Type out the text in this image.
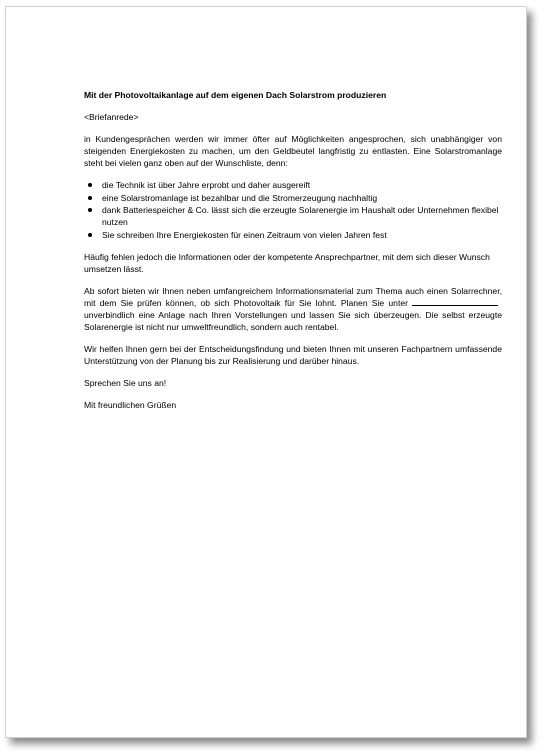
Mit der Photovoltaikanlage auf dem eigenen Dach Solarstrom produzieren

<Briefanrede>

in Kundengesprächen werden wir immer öfter auf Möglichkeiten angesprochen, sich unabhängiger von steigenden Energiekosten zu machen, um den Geldbeutel langfristig zu entlasten. Eine Solarstromanlage steht bei vielen ganz oben auf der Wunschliste, denn:

die Technik ist über Jahre erprobt und daher ausgereift
eine Solarstromanlage ist bezahlbar und die Stromerzeugung nachhaltig
dank Batteriespeicher & Co. lässt sich die erzeugte Solarenergie im Haushalt oder Unternehmen flexibel nutzen
Sie schreiben Ihre Energiekosten für einen Zeitraum von vielen Jahren fest

Häufig fehlen jedoch die Informationen oder der kompetente Ansprechpartner, mit dem sich dieser Wunsch umsetzen lässt.

Ab sofort bieten wir Ihnen neben umfangreichem Informationsmaterial zum Thema auch einen Solarrechner, mit dem Sie prüfen können, ob sich Photovoltaik für Sie lohnt. Planen Sie unterunverbindlich eine Anlage nach Ihren Vorstellungen und lassen Sie sich überzeugen. Die selbst erzeugte Solarenergie ist nicht nur umweltfreundlich, sondern auch rentabel.

Wir helfen Ihnen gern bei der Entscheidungsfindung und bieten Ihnen mit unseren Fachpartnern umfassende Unterstützung von der Planung bis zur Realisierung und darüber hinaus.

Sprechen Sie uns an!

Mit freundlichen Grüßen
